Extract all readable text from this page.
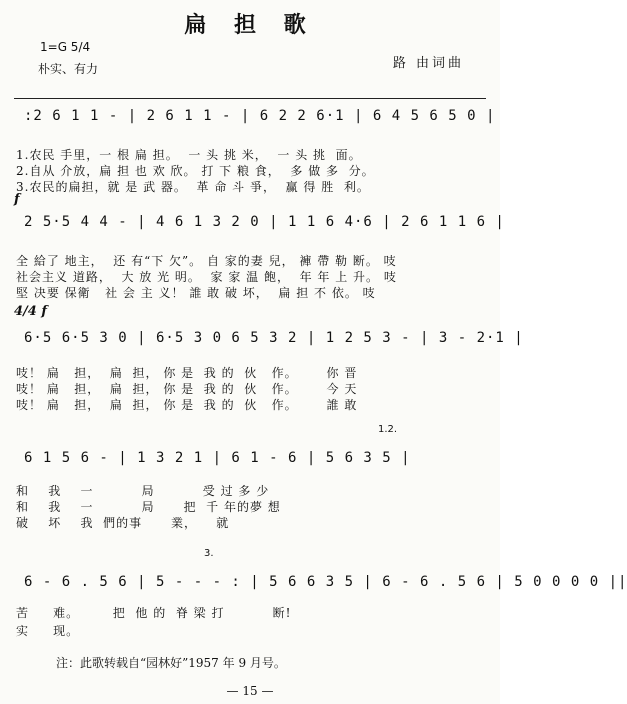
扁 担 歌
1=G 5/4
朴实、有力	路 由词曲
:2 6 1 1 - | 2 6 1 1 - | 6 2 2 6·1 | 6 4 5 6 5 0 |
1.农民 手里，一 根 扁 担。  一 头 挑 米，  一 头 挑  面。
2.自从 介放，扁 担 也 欢 欣。 打 下 粮 食，  多 做 多  分。
3.农民的扁担，就 是 武 器。  革 命 斗 爭，  赢 得 胜  利。
f
2 5·5 4 4 - | 4 6 1 3 2 0 | 1 1 6 4·6 | 2 6 1 1 6 |
全 給了 地主，  还 有“下 欠”。 自 家的妻 兒， 褲 帶 勒 断。 吱
社会主义 道路，  大 放 光 明。  家 家 温 飽，  年 年 上 升。 吱
堅 决要 保衛   社 会 主 义！ 誰 敢 破 坏，  扁 担 不 依。 吱
4/4 f
6·5 6·5 3 0 | 6·5 3 0 6 5 3 2 | 1 2 5 3 - | 3 - 2·1 |
吱！ 扁   担，  扁  担， 你 是  我 的  伙   作。      你 晋
吱！ 扁   担，  扁  担， 你 是  我 的  伙   作。      今 天
吱！ 扁   担，  扁  担， 你 是  我 的  伙   作。      誰 敢
1.2.
6 1 5 6 - | 1 3 2 1 | 6 1 - 6 | 5 6 3 5 |
和    我    一          局          受 过 多 少
和    我    一          局      把  千 年的夢 想
破    坏    我  們的事      業，    就
3.
6 - 6 . 5 6 | 5 - - - : | 5 6 6 3 5 | 6 - 6 . 5 6 | 5 0 0 0 0 ||
苦     难。       把  他 的  脊 梁 打          断!
实     现。
注：此歌转载自“园林好”1957 年 9 月号。
— 15 —
